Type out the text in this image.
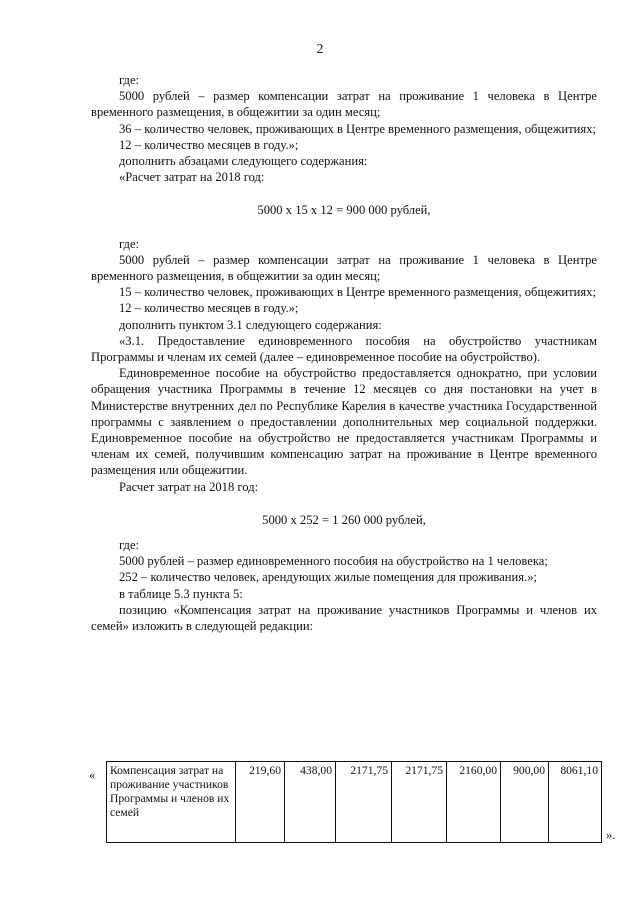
2

где:

5000 рублей – размер компенсации затрат на проживание 1 человека в Центре временного размещения, в общежитии за один месяц;

36 – количество человек, проживающих в Центре временного размещения, общежитиях;

12 – количество месяцев в году.»;

дополнить абзацами следующего содержания:

«Расчет затрат на 2018 год:

5000 х 15 х 12 = 900 000 рублей,

где:

5000 рублей – размер компенсации затрат на проживание 1 человека в Центре временного размещения, в общежитии за один месяц;

15 – количество человек, проживающих в Центре временного размещения, общежитиях;

12 – количество месяцев в году.»;

дополнить пунктом 3.1 следующего содержания:

«3.1. Предоставление единовременного пособия на обустройство участникам Программы и членам их семей (далее – единовременное пособие на обустройство).

Единовременное пособие на обустройство предоставляется однократно, при условии обращения участника Программы в течение 12 месяцев со дня постановки на учет в Министерстве внутренних дел по Республике Карелия в качестве участника Государственной программы с заявлением о предоставлении дополнительных мер социальной поддержки. Единовременное пособие на обустройство не предоставляется участникам Программы и членам их семей, получившим компенсацию затрат на проживание в Центре временного размещения или общежитии.

Расчет затрат на 2018 год:

5000 х 252 = 1 260 000 рублей,

где:

5000 рублей – размер единовременного пособия на обустройство на 1 человека;

252 – количество человек, арендующих жилые помещения для проживания.»;

в таблице 5.3 пункта 5:

позицию «Компенсация затрат на проживание участников Программы и членов их семей» изложить в следующей редакции:

« Компенсация затрат на проживание участников Программы и членов их семей	219,60	438,00	2171,75	2171,75	2160,00	900,00	8061,10
».
